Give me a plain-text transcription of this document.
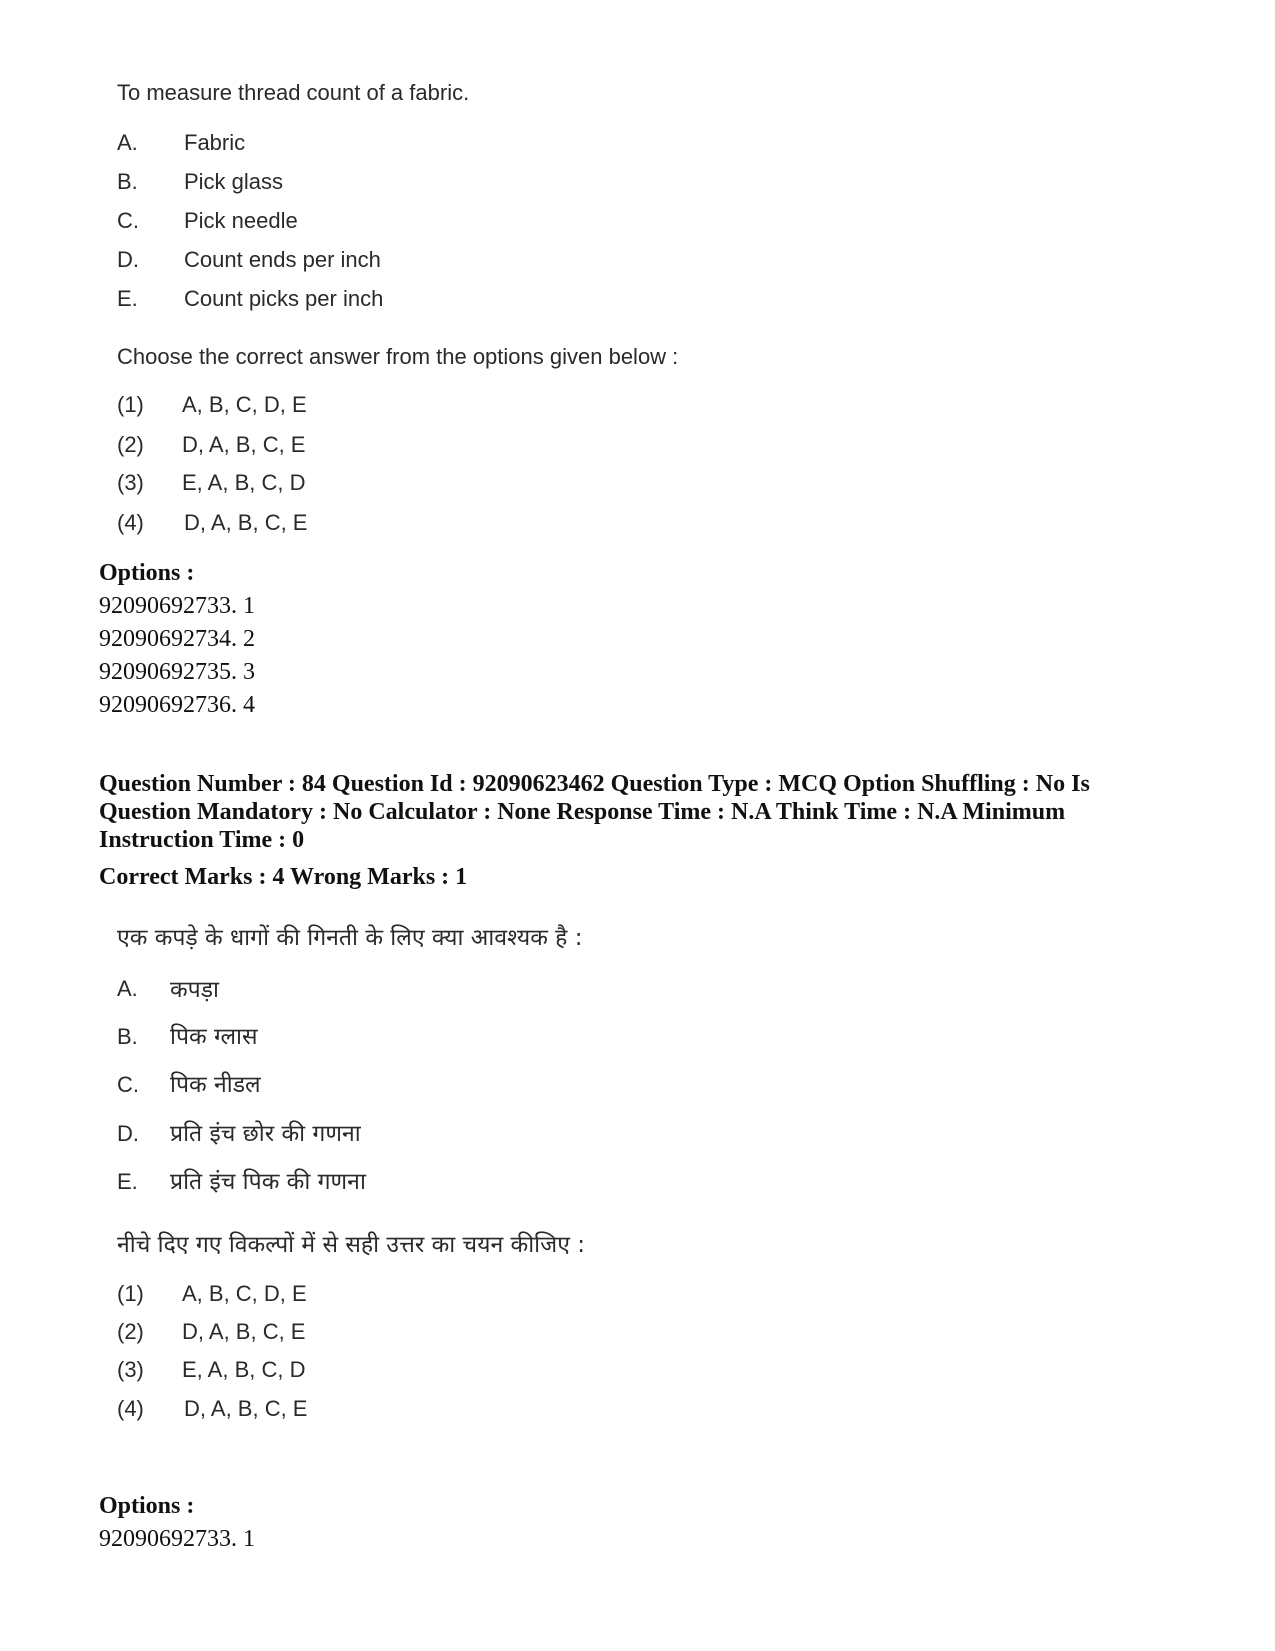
To measure thread count of a fabric.
A. Fabric
B. Pick glass
C. Pick needle
D. Count ends per inch
E. Count picks per inch
Choose the correct answer from the options given below :
(1) A, B, C, D, E
(2) D, A, B, C, E
(3) E, A, B, C, D
(4) D, A, B, C, E
Options :
92090692733. 1
92090692734. 2
92090692735. 3
92090692736. 4
Question Number : 84 Question Id : 92090623462 Question Type : MCQ Option Shuffling : No Is Question Mandatory : No Calculator : None Response Time : N.A Think Time : N.A Minimum Instruction Time : 0
Correct Marks : 4 Wrong Marks : 1
एक कपड़े के धागों की गिनती के लिए क्या आवश्यक है :
A. कपड़ा
B. पिक ग्लास
C. पिक नीडल
D. प्रति इंच छोर की गणना
E. प्रति इंच पिक की गणना
नीचे दिए गए विकल्पों में से सही उत्तर का चयन कीजिए :
(1) A, B, C, D, E
(2) D, A, B, C, E
(3) E, A, B, C, D
(4) D, A, B, C, E
Options :
92090692733. 1
